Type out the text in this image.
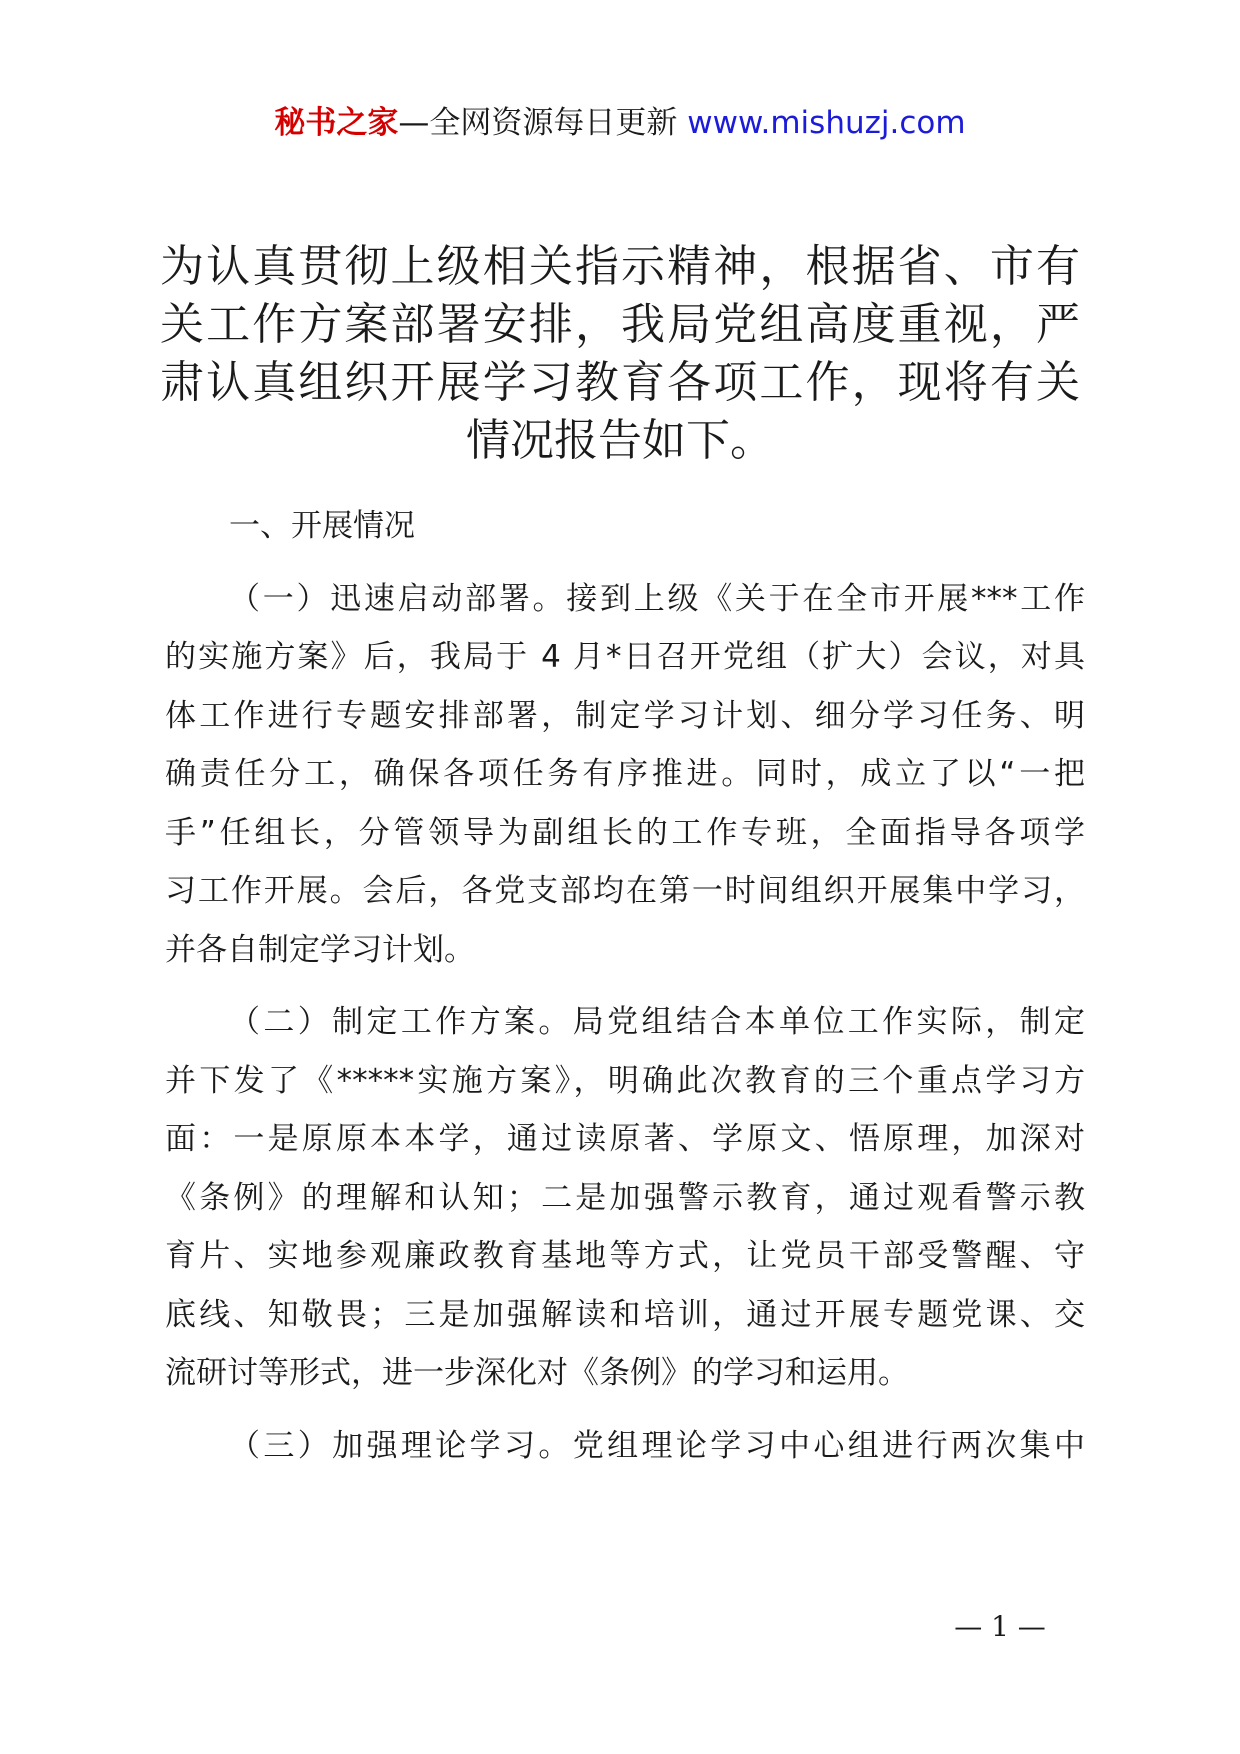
秘书之家—全网资源每日更新 www.mishuzj.com
为认真贯彻上级相关指示精神，根据省、市有
关工作方案部署安排，我局党组高度重视，严
肃认真组织开展学习教育各项工作，现将有关
情况报告如下。
一、开展情况
（一）迅速启动部署。接到上级《关于在全市开展***工作
的实施方案》后，我局于 4 月*日召开党组（扩大）会议，对具
体工作进行专题安排部署，制定学习计划、细分学习任务、明
确责任分工，确保各项任务有序推进。同时，成立了以“一把
手”任组长，分管领导为副组长的工作专班，全面指导各项学
习工作开展。会后，各党支部均在第一时间组织开展集中学习，
并各自制定学习计划。
（二）制定工作方案。局党组结合本单位工作实际，制定
并下发了《*****实施方案》，明确此次教育的三个重点学习方
面：一是原原本本学，通过读原著、学原文、悟原理，加深对
《条例》的理解和认知；二是加强警示教育，通过观看警示教
育片、实地参观廉政教育基地等方式，让党员干部受警醒、守
底线、知敬畏；三是加强解读和培训，通过开展专题党课、交
流研讨等形式，进一步深化对《条例》的学习和运用。
（三）加强理论学习。党组理论学习中心组进行两次集中
— 1 —
